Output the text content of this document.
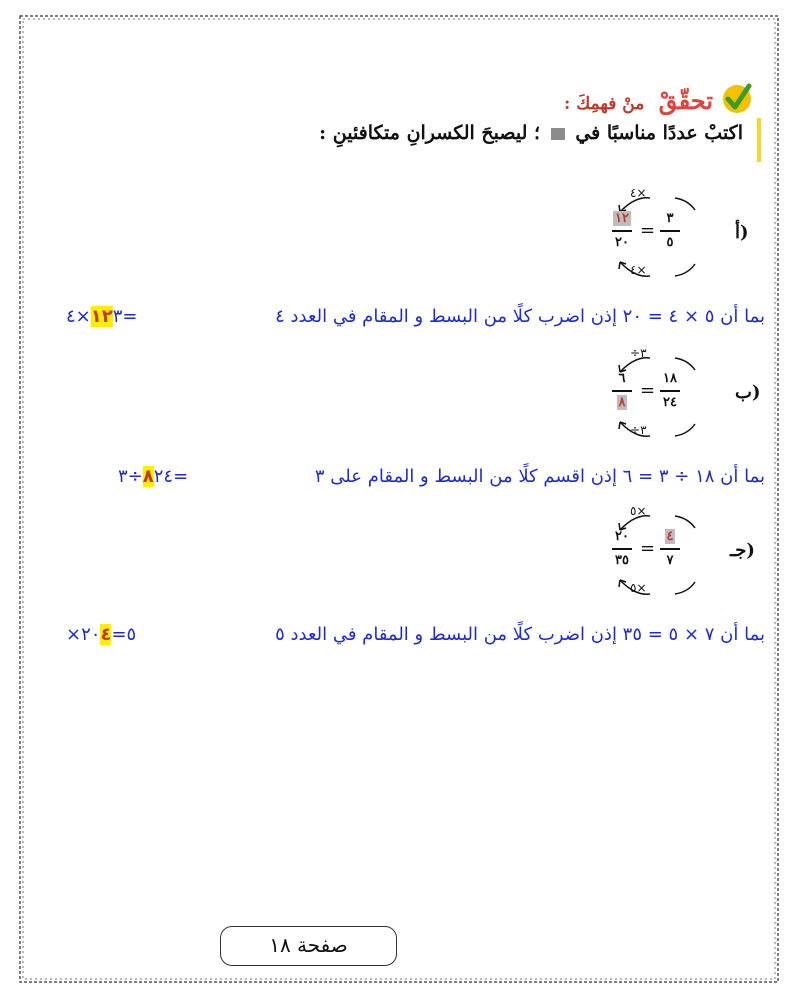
تحقّقْ منْ فهمِكَ :
اكتبْ عددًا مناسبًا في  ؛ ليصبحَ الكسرانِ متكافئينِ :
أ)
٤×
٣
٥
=
١٢
٢٠
٤×
بما أن ٥ × ٤ = ٢٠ إذن اضرب كلًا من البسط و المقام في العدد ٤
١٢٣×٤=
ب)
÷٣
١٨
٢٤
=
٦
٨
÷٣
بما أن ١٨ ÷ ٣ = ٦ إذن اقسم كلًا من البسط و المقام على ٣
٨٢٤÷٣=
جـ)
٥×
٤
٧
=
٢٠
٣٥
٥×
بما أن ٧ × ٥ = ٣٥ إذن اضرب كلًا من البسط و المقام في العدد ٥
×٥=٢٠٤
صفحة ١٨
